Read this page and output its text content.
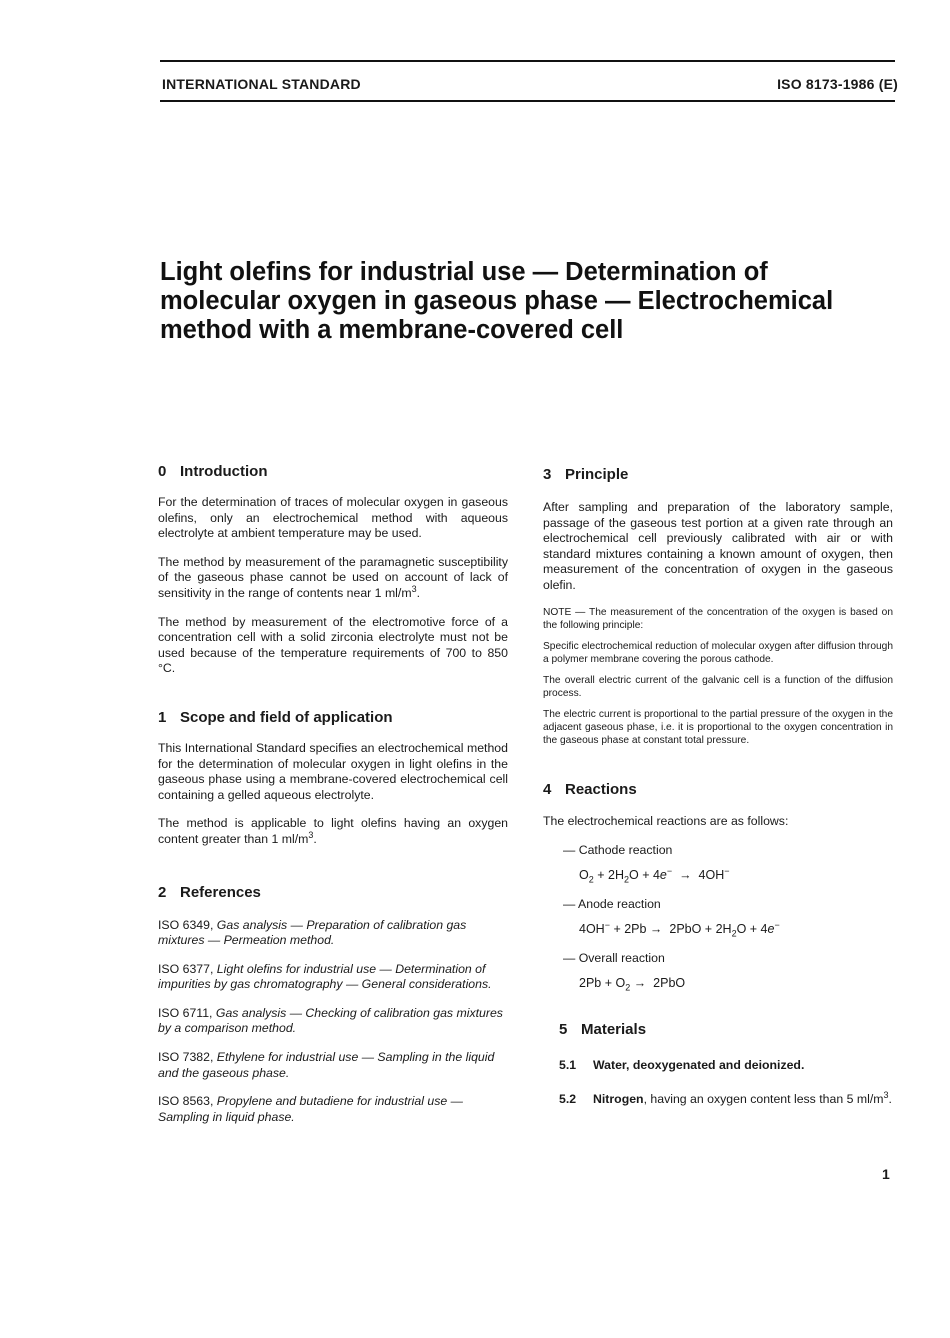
INTERNATIONAL STANDARD	ISO 8173-1986 (E)
Light olefins for industrial use — Determination of molecular oxygen in gaseous phase — Electrochemical method with a membrane-covered cell
0 Introduction

For the determination of traces of molecular oxygen in gaseous olefins, only an electrochemical method with aqueous electrolyte at ambient temperature may be used.

The method by measurement of the paramagnetic susceptibility of the gaseous phase cannot be used on account of lack of sensitivity in the range of contents near 1 $ml/m^3$.

The method by measurement of the electromotive force of a concentration cell with a solid zirconia electrolyte must not be used because of the temperature requirements of 700 to 850 °C.

1 Scope and field of application

This International Standard specifies an electrochemical method for the determination of molecular oxygen in light olefins in the gaseous phase using a membrane-covered electrochemical cell containing a gelled aqueous electrolyte.

The method is applicable to light olefins having an oxygen content greater than 1 $ml/m^3$.

2 References

ISO 6349, Gas analysis — Preparation of calibration gas mixtures — Permeation method.

ISO 6377, Light olefins for industrial use — Determination of impurities by gas chromatography — General considerations.

ISO 6711, Gas analysis — Checking of calibration gas mixtures by a comparison method.

ISO 7382, Ethylene for industrial use — Sampling in the liquid and the gaseous phase.

ISO 8563, Propylene and butadiene for industrial use — Sampling in liquid phase.

3 Principle

After sampling and preparation of the laboratory sample, passage of the gaseous test portion at a given rate through an electrochemical cell previously calibrated with air or with standard mixtures containing a known amount of oxygen, then measurement of the concentration of oxygen in the gaseous olefin.

NOTE — The measurement of the concentration of the oxygen is based on the following principle:

Specific electrochemical reduction of molecular oxygen after diffusion through a polymer membrane covering the porous cathode.

The overall electric current of the galvanic cell is a function of the diffusion process.

The electric current is proportional to the partial pressure of the oxygen in the adjacent gaseous phase, i.e. it is proportional to the oxygen concentration in the gaseous phase at constant total pressure.

4 Reactions

The electrochemical reactions are as follows:

— Cathode reaction
$O_2 + 2H_2O + 4e^- \to 4OH^-$
— Anode reaction
$4OH^- + 2Pb \to 2PbO + 2H_2O + 4e^-$
— Overall reaction
$2Pb + O_2 \to 2PbO$
5 Materials
5.1 Water, deoxygenated and deionized.

5.2 Nitrogen, having an oxygen content less than 5 $ml/m^3$.

1
